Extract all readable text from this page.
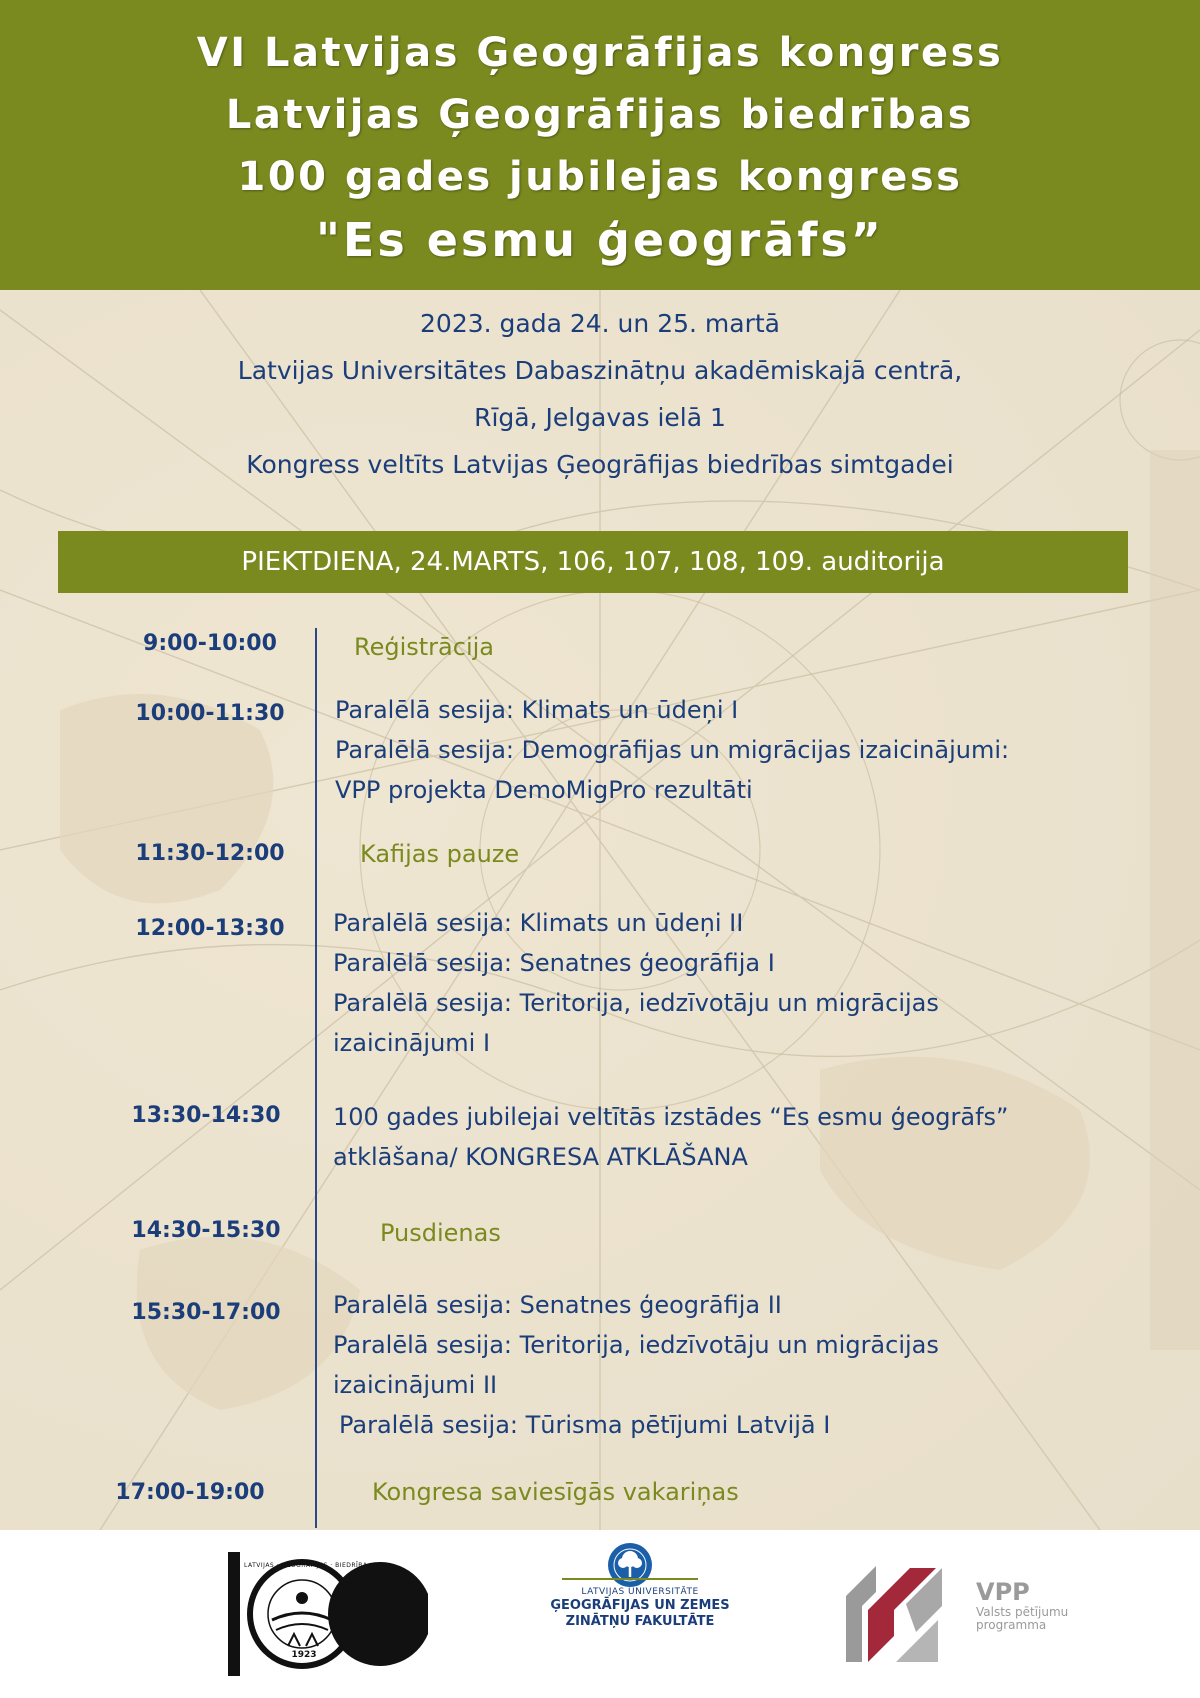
VI Latvijas Ģeogrāfijas kongress
Latvijas Ģeogrāfijas biedrības
100 gades jubilejas kongress
"Es esmu ģeogrāfs”
2023. gada 24. un 25. martā
Latvijas Universitātes Dabaszinātņu akadēmiskajā centrā,
Rīgā, Jelgavas ielā 1
Kongress veltīts Latvijas Ģeogrāfijas biedrības simtgadei
PIEKTDIENA, 24.MARTS, 106, 107, 108, 109. auditorija
9:00-10:00	Reģistrācija
10:00-11:30	Paralēlā sesija: Klimats un ūdeņi I
Paralēlā sesija: Demogrāfijas un migrācijas izaicinājumi:
VPP projekta DemoMigPro rezultāti
11:30-12:00	Kafijas pauze
12:00-13:30	Paralēlā sesija: Klimats un ūdeņi II
Paralēlā sesija: Senatnes ģeogrāfija I
Paralēlā sesija: Teritorija, iedzīvotāju un migrācijas
izaicinājumi I
13:30-14:30	100 gades jubilejai veltītās izstādes “Es esmu ģeogrāfs”
atklāšana/ KONGRESA ATKLĀŠANA
14:30-15:30	Pusdienas
15:30-17:00	Paralēlā sesija: Senatnes ģeogrāfija II
Paralēlā sesija: Teritorija, iedzīvotāju un migrācijas
izaicinājumi II
Paralēlā sesija: Tūrisma pētījumi Latvijā I
17:00-19:00	Kongresa saviesīgās vakariņas
1923
LATVIJAS · ĢEOGRĀFIJAS · BIEDRĪBA
LATVIJAS UNIVERSITĀTE
ĢEOGRĀFIJAS UN ZEMES
ZINĀTŅU FAKULTĀTE
VPP
Valsts pētījumu
programma
